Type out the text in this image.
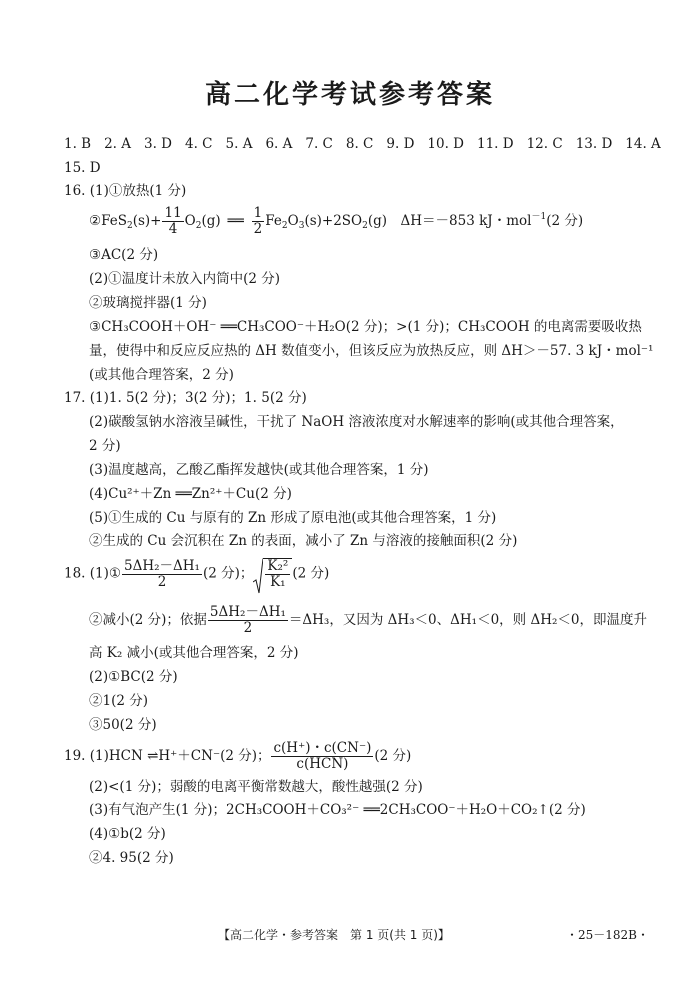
高二化学考试参考答案
1. B 2. A 3. D 4. C 5. A 6. A 7. C 8. C 9. D 10. D 11. D 12. C 13. D 14. A
15. D
16. (1)①放热(1 分)
②FeS$_2$(s)+ $\frac{11}{4} O_2(g)$ ══ $\frac{1}{2} Fe_2O_3(s)+2SO_2(g)$　ΔH＝－853 kJ・mol$^{-1}$(2 分)
③AC(2 分)
(2)①温度计未放入内筒中(2 分)
②玻璃搅拌器(1 分)
③CH₃COOH＋OH⁻ ══CH₃COO⁻＋H₂O(2 分)；>(1 分)；CH₃COOH 的电离需要吸收热
量，使得中和反应反应热的 ΔH 数值变小，但该反应为放热反应，则 ΔH＞－57. 3 kJ・mol⁻¹
(或其他合理答案，2 分)
17. (1)1. 5(2 分)；3(2 分)；1. 5(2 分)
(2)碳酸氢钠水溶液呈碱性，干扰了 NaOH 溶液浓度对水解速率的影响(或其他合理答案，
2 分)
(3)温度越高，乙酸乙酯挥发越快(或其他合理答案，1 分)
(4)Cu²⁺＋Zn ══Zn²⁺＋Cu(2 分)
(5)①生成的 Cu 与原有的 Zn 形成了原电池(或其他合理答案，1 分)
②生成的 Cu 会沉积在 Zn 的表面，减小了 Zn 与溶液的接触面积(2 分)
18. (1)① $\frac{\text{5ΔH₂－ΔH₁}}{2} (2$ 分)； $\frac{\text{K₂²}}{\text{K₁}} (2$ 分)
②减小(2 分)；依据 $\frac{\text{5ΔH₂－ΔH₁}}{2} =\Delta H_3$，又因为 ΔH₃＜0、ΔH₁＜0，则 ΔH₂＜0，即温度升
高 K₂ 减小(或其他合理答案，2 分)
(2)①BC(2 分)
②1(2 分)
③50(2 分)
19. (1)HCN ⇌H⁺＋CN⁻(2 分)； $\frac{c(H^+)・c(CN^-)}{\text{c(HCN)}} (2$ 分)
(2)<(1 分)；弱酸的电离平衡常数越大，酸性越强(2 分)
(3)有气泡产生(1 分)；2CH₃COOH＋CO₃²⁻ ══2CH₃COO⁻＋H₂O＋CO₂↑(2 分)
(4)①b(2 分)
②4. 95(2 分)
【高二化学・参考答案　第 1 页(共 1 页)】	・25－182B・
